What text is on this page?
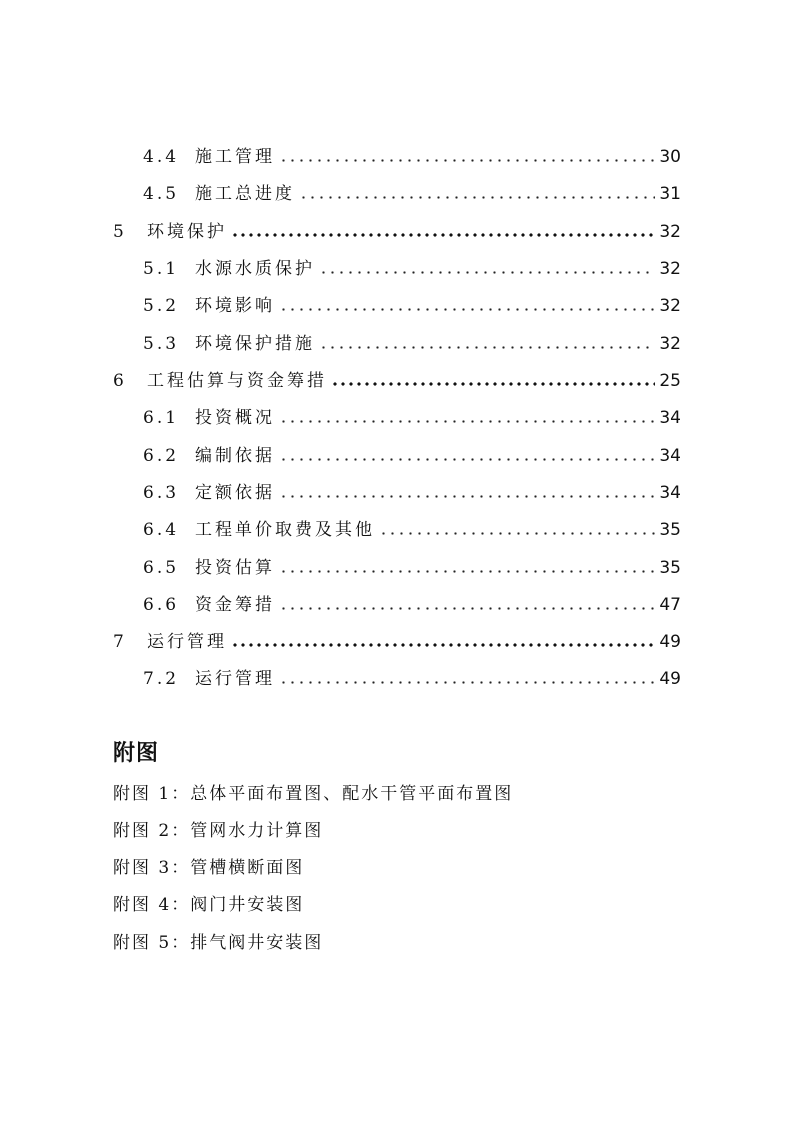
4.4 施工管理	30
4.5 施工总进度	31
5	环境保护	32
5.1 水源水质保护	32
5.2 环境影响	32
5.3 环境保护措施	32
6	工程估算与资金筹措	25
6.1 投资概况	34
6.2 编制依据	34
6.3 定额依据	34
6.4 工程单价取费及其他	35
6.5 投资估算	35
6.6 资金筹措	47
7	运行管理	49
7.2 运行管理	49
附图
附图 1：总体平面布置图、配水干管平面布置图
附图 2：管网水力计算图
附图 3：管槽横断面图
附图 4：阀门井安装图
附图 5：排气阀井安装图
